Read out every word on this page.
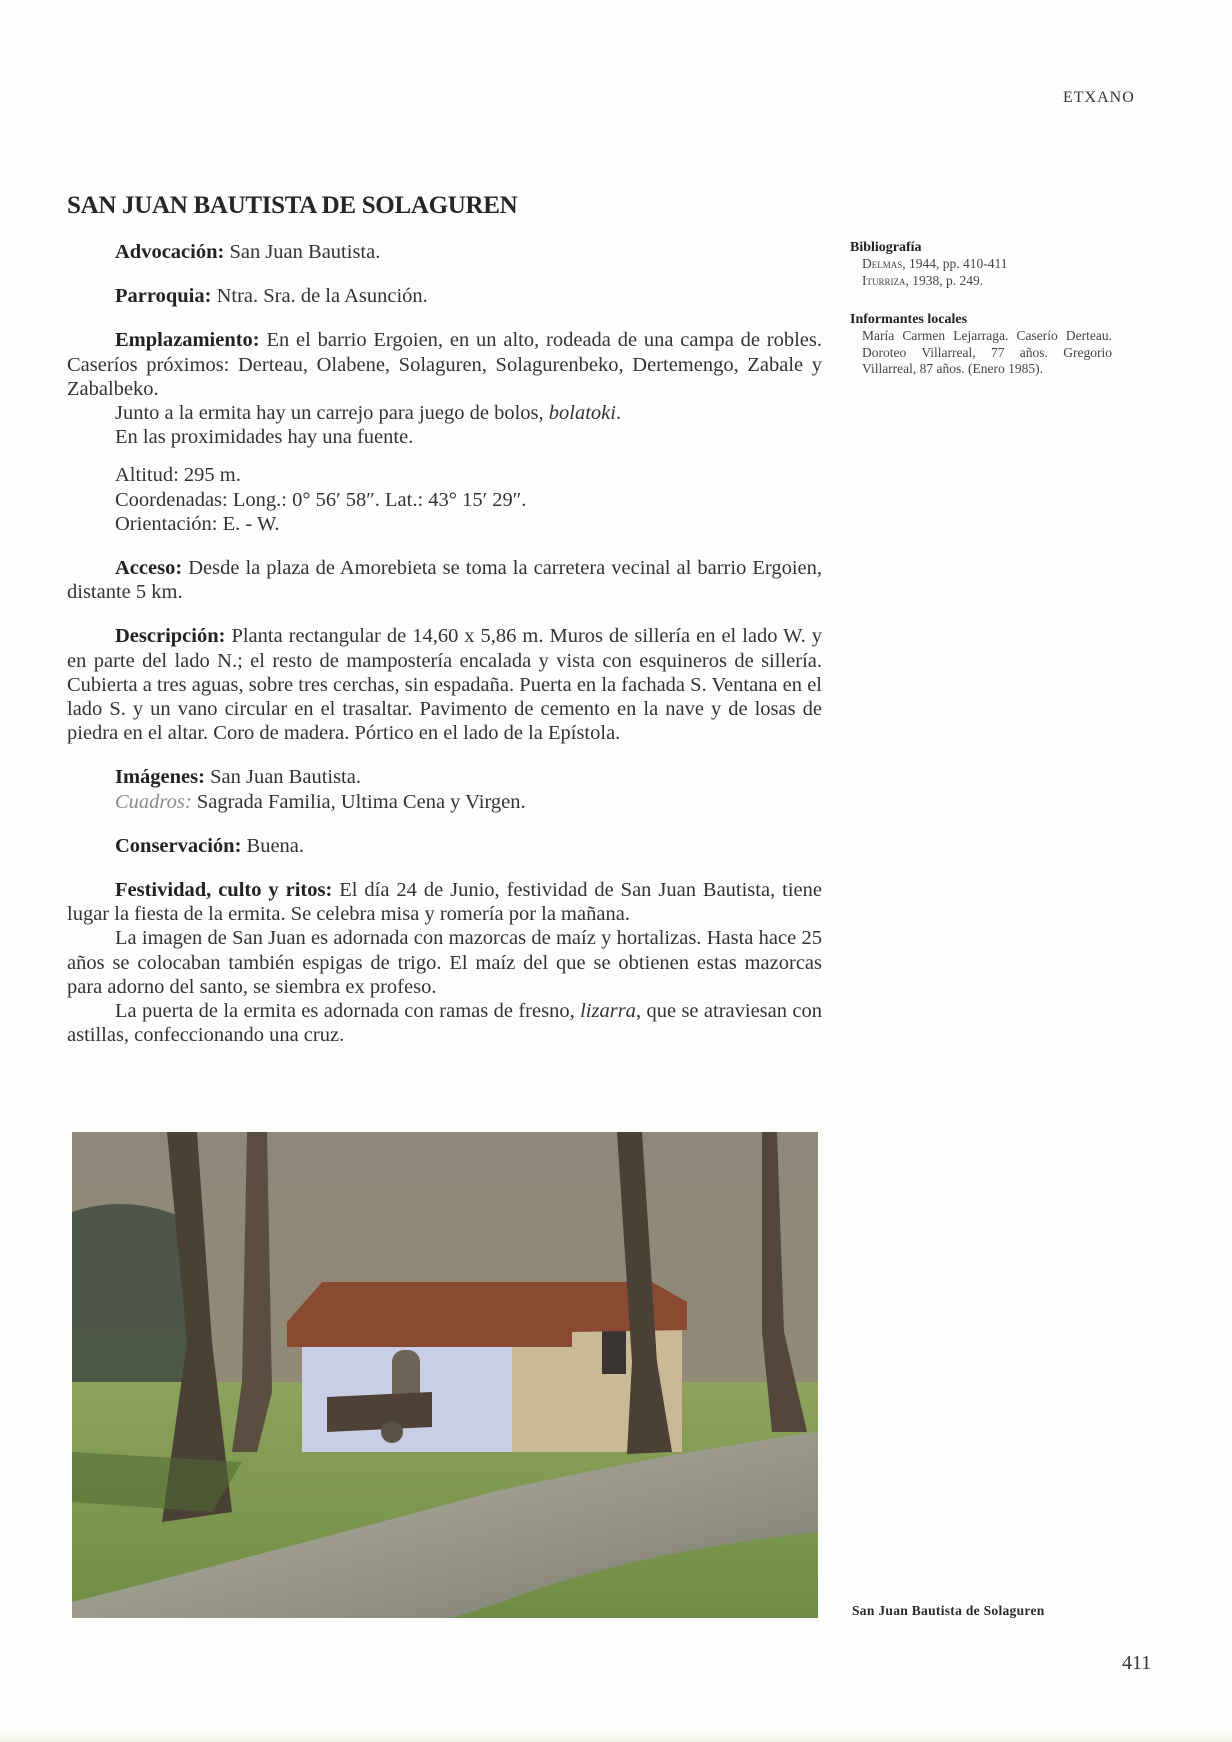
ETXANO
SAN JUAN BAUTISTA DE SOLAGUREN

Advocación: San Juan Bautista.

Parroquia: Ntra. Sra. de la Asunción.

Emplazamiento: En el barrio Ergoien, en un alto, rodeada de una campa de robles. Caseríos próximos: Derteau, Olabene, Solaguren, Solagurenbeko, Dertemengo, Zabale y Zabalbeko.

Junto a la ermita hay un carrejo para juego de bolos, bolatoki.

En las proximidades hay una fuente.

Altitud: 295 m.

Coordenadas: Long.: 0° 56′ 58″. Lat.: 43° 15′ 29″.

Orientación: E. - W.

Acceso: Desde la plaza de Amorebieta se toma la carretera vecinal al barrio Ergoien, distante 5 km.

Descripción: Planta rectangular de 14,60 x 5,86 m. Muros de sillería en el lado W. y en parte del lado N.; el resto de mampostería encalada y vista con esquineros de sillería. Cubierta a tres aguas, sobre tres cerchas, sin espadaña. Puerta en la fachada S. Ventana en el lado S. y un vano circular en el trasaltar. Pavimento de cemento en la nave y de losas de piedra en el altar. Coro de madera. Pórtico en el lado de la Epístola.

Imágenes: San Juan Bautista.

Cuadros: Sagrada Familia, Ultima Cena y Virgen.

Conservación: Buena.

Festividad, culto y ritos: El día 24 de Junio, festividad de San Juan Bautista, tiene lugar la fiesta de la ermita. Se celebra misa y romería por la mañana.

La imagen de San Juan es adornada con mazorcas de maíz y hortalizas. Hasta hace 25 años se colocaban también espigas de trigo. El maíz del que se obtienen estas mazorcas para adorno del santo, se siembra ex profeso.

La puerta de la ermita es adornada con ramas de fresno, lizarra, que se atraviesan con astillas, confeccionando una cruz.

Bibliografía
Delmas, 1944, pp. 410-411
Iturriza, 1938, p. 249.
Informantes locales
María Carmen Lejarraga. Caserío Derteau. Doroteo Villarreal, 77 años. Gregorio Villarreal, 87 años. (Enero 1985).
San Juan Bautista de Solaguren
411
